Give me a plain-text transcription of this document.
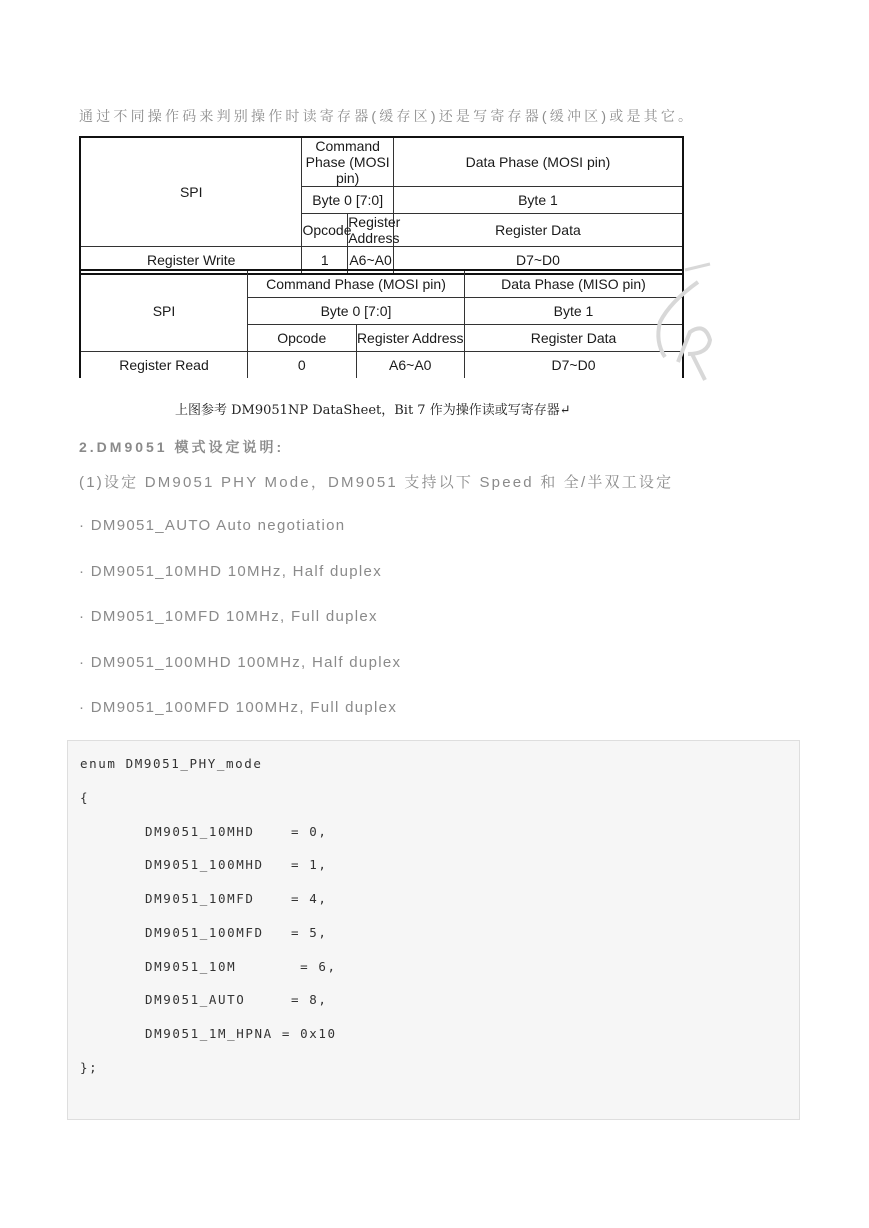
通过不同操作码来判别操作时读寄存器(缓存区)还是写寄存器(缓冲区)或是其它。
SPI	Command Phase (MOSI pin)		Data Phase (MOSI pin)
	Byte 0 [7:0]		Byte 1
	Opcode	Register Address	Register Data
Register Write	1	A6~A0	D7~D0
SPI	Command Phase (MOSI pin)		Data Phase (MISO pin)
	Byte 0 [7:0]		Byte 1
	Opcode	Register Address	Register Data
Register Read	0	A6~A0	D7~D0
上图参考 DM9051NP DataSheet，Bit 7 作为操作读或写寄存器↵
2.DM9051 模式设定说明:
(1)设定 DM9051 PHY Mode，DM9051 支持以下 Speed 和 全/半双工设定
· DM9051_AUTO Auto negotiation
· DM9051_10MHD 10MHz, Half duplex
· DM9051_10MFD 10MHz, Full duplex
· DM9051_100MHD 100MHz, Half duplex
· DM9051_100MFD 100MHz, Full duplex
enum DM9051_PHY_mode
{
DM9051_10MHD    = 0,
DM9051_100MHD   = 1,
DM9051_10MFD    = 4,
DM9051_100MFD   = 5,
DM9051_10M       = 6,
DM9051_AUTO     = 8,
DM9051_1M_HPNA = 0x10
};
